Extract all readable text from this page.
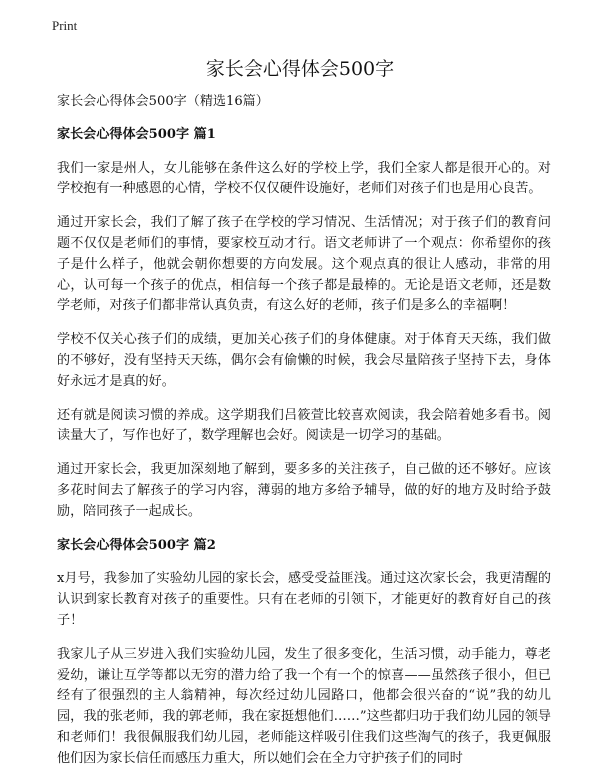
Print
家长会心得体会500字

家长会心得体会500字（精选16篇）

家长会心得体会500字 篇1

我们一家是州人，女儿能够在条件这么好的学校上学，我们全家人都是很开心的。对学校抱有一种感恩的心情，学校不仅仅硬件设施好，老师们对孩子们也是用心良苦。

通过开家长会，我们了解了孩子在学校的学习情况、生活情况；对于孩子们的教育问题不仅仅是老师们的事情，要家校互动才行。语文老师讲了一个观点：你希望你的孩子是什么样子，他就会朝你想要的方向发展。这个观点真的很让人感动，非常的用心，认可每一个孩子的优点，相信每一个孩子都是最棒的。无论是语文老师，还是数学老师，对孩子们都非常认真负责，有这么好的老师，孩子们是多么的幸福啊！

学校不仅关心孩子们的成绩，更加关心孩子们的身体健康。对于体育天天练，我们做的不够好，没有坚持天天练，偶尔会有偷懒的时候，我会尽量陪孩子坚持下去，身体好永远才是真的好。

还有就是阅读习惯的养成。这学期我们吕筱萱比较喜欢阅读，我会陪着她多看书。阅读量大了，写作也好了，数学理解也会好。阅读是一切学习的基础。

通过开家长会，我更加深刻地了解到，要多多的关注孩子，自己做的还不够好。应该多花时间去了解孩子的学习内容，薄弱的地方多给予辅导，做的好的地方及时给予鼓励，陪同孩子一起成长。

家长会心得体会500字 篇2

x月号，我参加了实验幼儿园的家长会，感受受益匪浅。通过这次家长会，我更清醒的认识到家长教育对孩子的重要性。只有在老师的引领下，才能更好的教育好自己的孩子！

我家儿子从三岁进入我们实验幼儿园，发生了很多变化，生活习惯，动手能力，尊老爱幼，谦让互学等都以无穷的潜力给了我一个有一个的惊喜——虽然孩子很小，但已经有了很强烈的主人翁精神，每次经过幼儿园路口，他都会很兴奋的“说”我的幼儿园，我的张老师，我的郭老师，我在家挺想他们……”这些都归功于我们幼儿园的领导和老师们！我很佩服我们幼儿园，老师能这样吸引住我们这些淘气的孩子，我更佩服他们因为家长信任而感压力重大，所以她们会在全力守护孩子们的同时
